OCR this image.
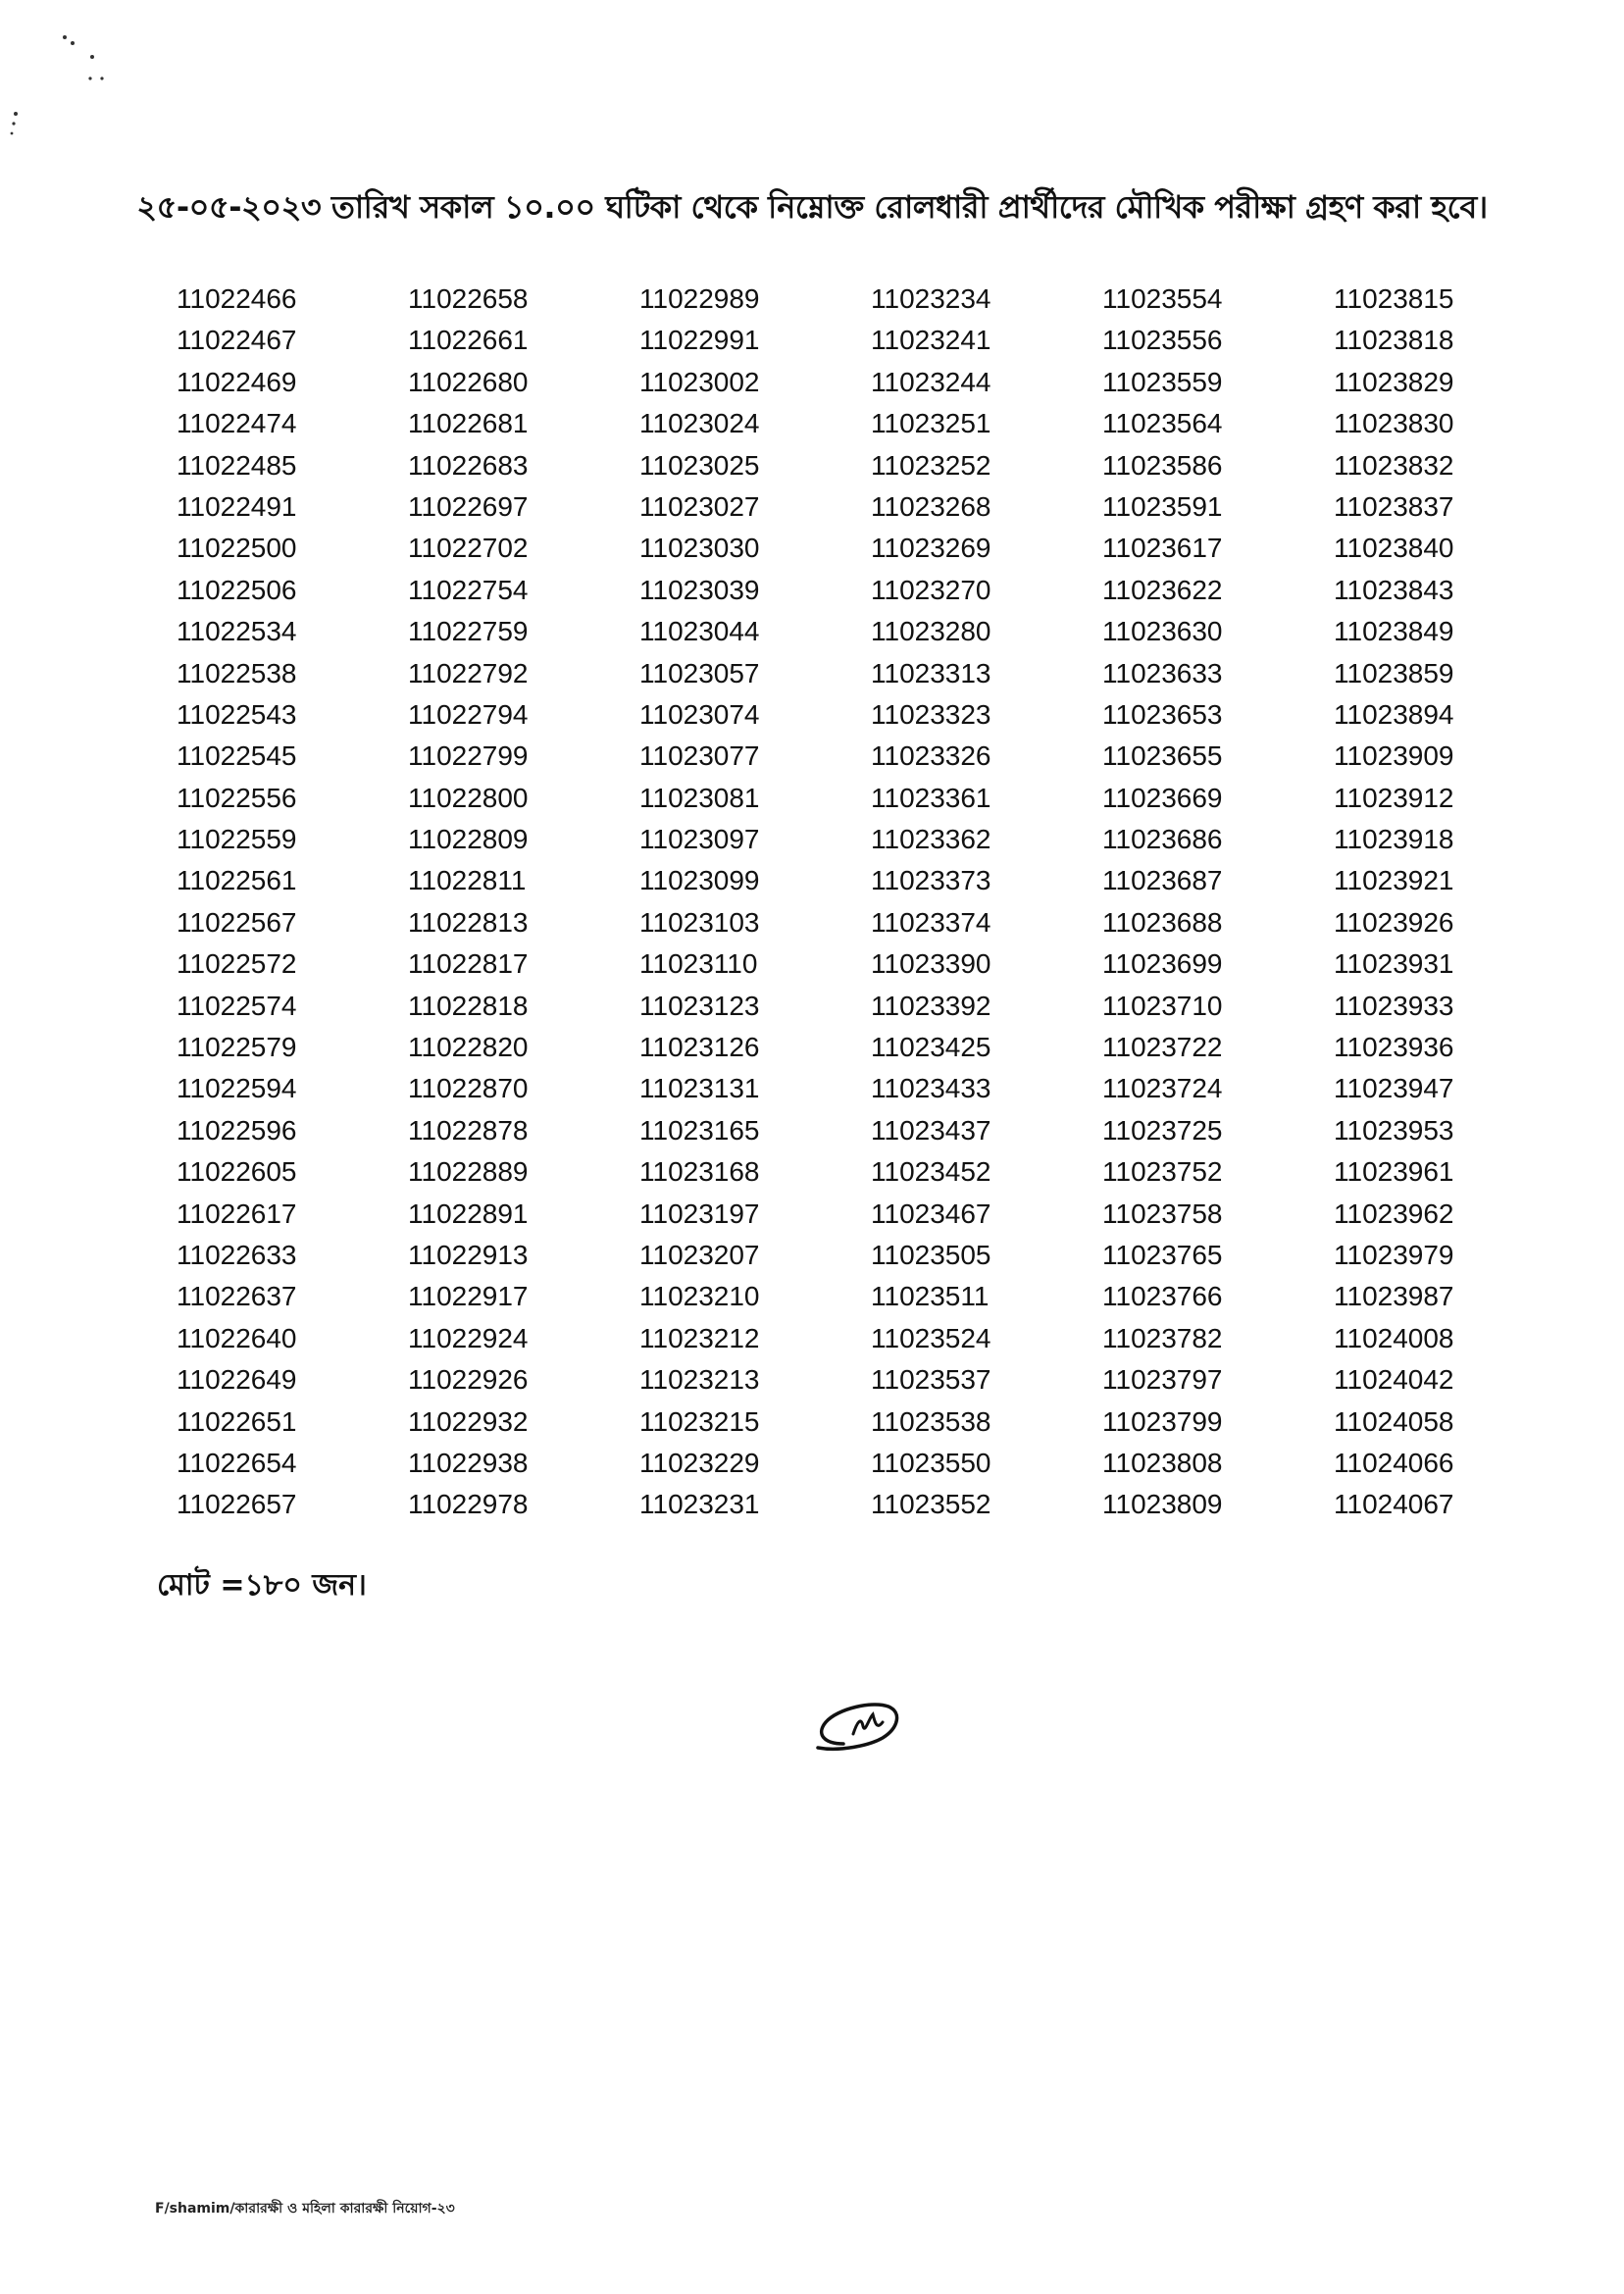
২৫-০৫-২০২৩ তারিখ সকাল ১০.০০ ঘটিকা থেকে নিম্নোক্ত রোলধারী প্রার্থীদের মৌখিক পরীক্ষা গ্রহণ করা হবে।
11022466
11022467
11022469
11022474
11022485
11022491
11022500
11022506
11022534
11022538
11022543
11022545
11022556
11022559
11022561
11022567
11022572
11022574
11022579
11022594
11022596
11022605
11022617
11022633
11022637
11022640
11022649
11022651
11022654
11022657
11022658
11022661
11022680
11022681
11022683
11022697
11022702
11022754
11022759
11022792
11022794
11022799
11022800
11022809
11022811
11022813
11022817
11022818
11022820
11022870
11022878
11022889
11022891
11022913
11022917
11022924
11022926
11022932
11022938
11022978
11022989
11022991
11023002
11023024
11023025
11023027
11023030
11023039
11023044
11023057
11023074
11023077
11023081
11023097
11023099
11023103
11023110
11023123
11023126
11023131
11023165
11023168
11023197
11023207
11023210
11023212
11023213
11023215
11023229
11023231
11023234
11023241
11023244
11023251
11023252
11023268
11023269
11023270
11023280
11023313
11023323
11023326
11023361
11023362
11023373
11023374
11023390
11023392
11023425
11023433
11023437
11023452
11023467
11023505
11023511
11023524
11023537
11023538
11023550
11023552
11023554
11023556
11023559
11023564
11023586
11023591
11023617
11023622
11023630
11023633
11023653
11023655
11023669
11023686
11023687
11023688
11023699
11023710
11023722
11023724
11023725
11023752
11023758
11023765
11023766
11023782
11023797
11023799
11023808
11023809
11023815
11023818
11023829
11023830
11023832
11023837
11023840
11023843
11023849
11023859
11023894
11023909
11023912
11023918
11023921
11023926
11023931
11023933
11023936
11023947
11023953
11023961
11023962
11023979
11023987
11024008
11024042
11024058
11024066
11024067
মোট =১৮০ জন।
F/shamim/কারারক্ষী ও মহিলা কারারক্ষী নিয়োগ-২৩
